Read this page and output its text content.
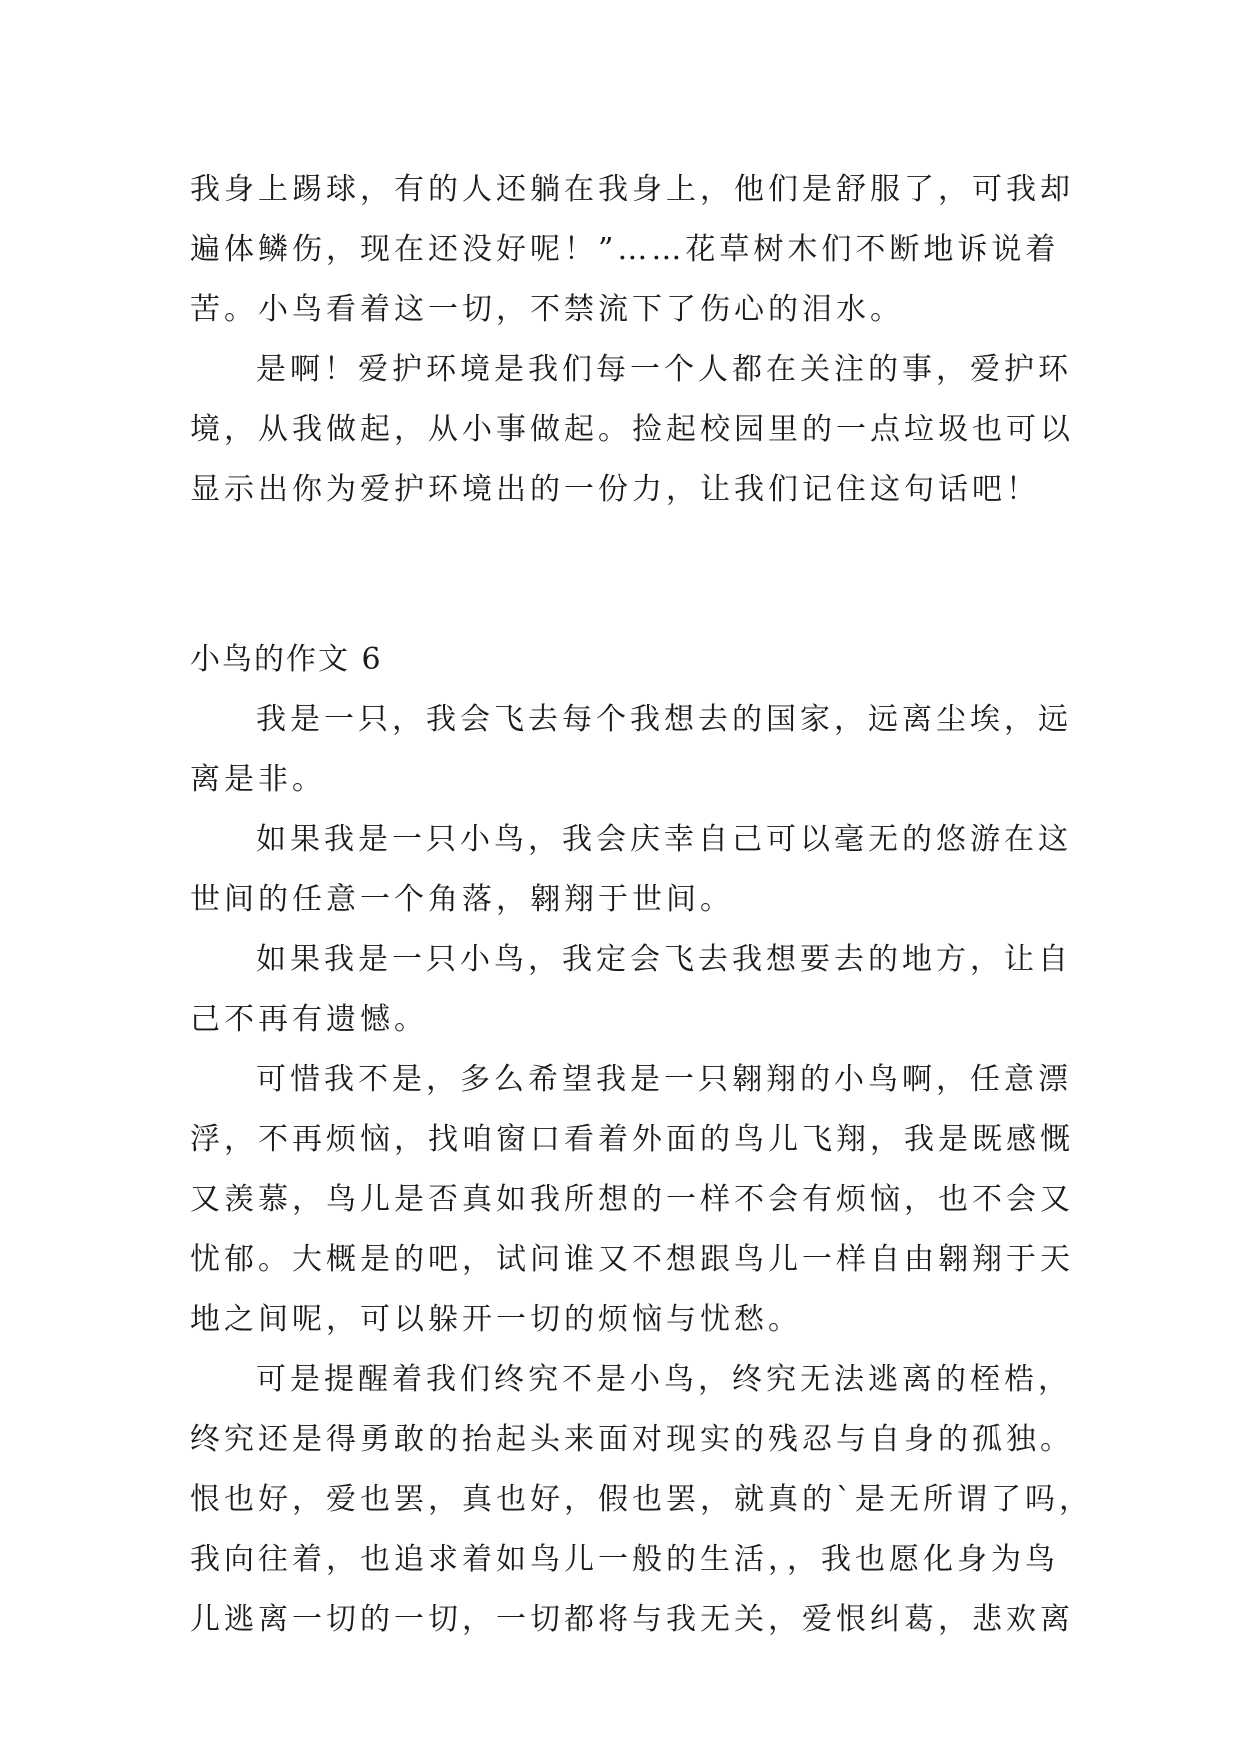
我身上踢球，有的人还躺在我身上，他们是舒服了，可我却
遍体鳞伤，现在还没好呢！”……花草树木们不断地诉说着
苦。小鸟看着这一切，不禁流下了伤心的泪水。
是啊！爱护环境是我们每一个人都在关注的事，爱护环
境，从我做起，从小事做起。捡起校园里的一点垃圾也可以
显示出你为爱护环境出的一份力，让我们记住这句话吧！
小鸟的作文 6
我是一只，我会飞去每个我想去的国家，远离尘埃，远
离是非。
如果我是一只小鸟，我会庆幸自己可以毫无的悠游在这
世间的任意一个角落，翱翔于世间。
如果我是一只小鸟，我定会飞去我想要去的地方，让自
己不再有遗憾。
可惜我不是，多么希望我是一只翱翔的小鸟啊，任意漂
浮，不再烦恼，找咱窗口看着外面的鸟儿飞翔，我是既感慨
又羡慕，鸟儿是否真如我所想的一样不会有烦恼，也不会又
忧郁。大概是的吧，试问谁又不想跟鸟儿一样自由翱翔于天
地之间呢，可以躲开一切的烦恼与忧愁。
可是提醒着我们终究不是小鸟，终究无法逃离的桎梏，
终究还是得勇敢的抬起头来面对现实的残忍与自身的孤独。
恨也好，爱也罢，真也好，假也罢，就真的`是无所谓了吗，
我向往着，也追求着如鸟儿一般的生活，，我也愿化身为鸟
儿逃离一切的一切，一切都将与我无关，爱恨纠葛，悲欢离
